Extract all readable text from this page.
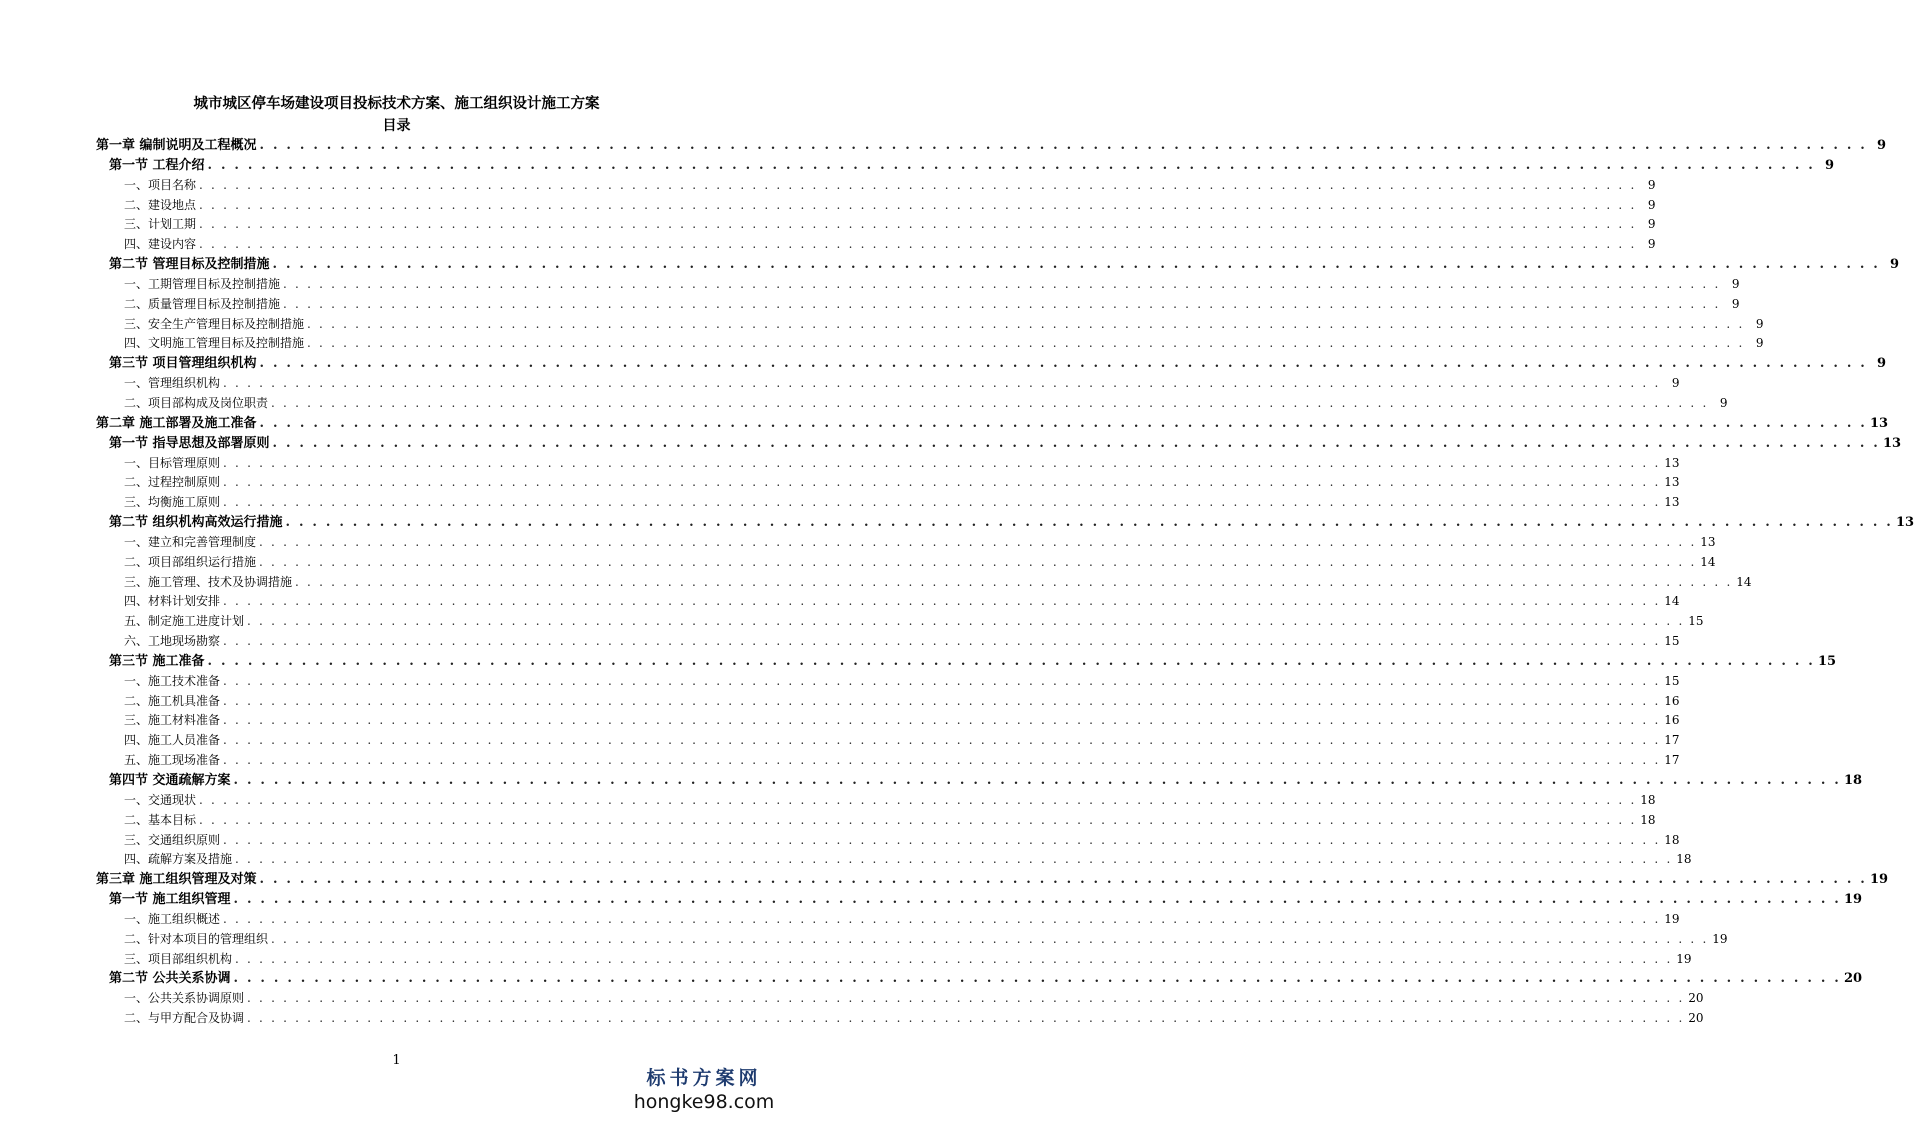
城市城区停车场建设项目投标技术方案、施工组织设计施工方案
目录
第一章 编制说明及工程概况 . . . . . . . . . . . . . . . . . . . . . . . . . . . . . . . . . . . . . . . . . . . . . . . . . . . . . . . . . . . . . . . . . . . . . . . . . . . . . . . . . . . . . . . . . . . . . . . . . . . . . . . . . . . . . . . . . . . . . . . . 9
第一节 工程介绍 . . . . . . . . . . . . . . . . . . . . . . . . . . . . . . . . . . . . . . . . . . . . . . . . . . . . . . . . . . . . . . . . . . . . . . . . . . . . . . . . . . . . . . . . . . . . . . . . . . . . . . . . . . . . . . . . . . . . . . . . 9
一、项目名称 . . . . . . . . . . . . . . . . . . . . . . . . . . . . . . . . . . . . . . . . . . . . . . . . . . . . . . . . . . . . . . . . . . . . . . . . . . . . . . . . . . . . . . . . . . . . . . . . . . . . . . . . . . . . . . . . . . . . . . . . 9
二、建设地点 . . . . . . . . . . . . . . . . . . . . . . . . . . . . . . . . . . . . . . . . . . . . . . . . . . . . . . . . . . . . . . . . . . . . . . . . . . . . . . . . . . . . . . . . . . . . . . . . . . . . . . . . . . . . . . . . . . . . . . . . 9
三、计划工期 . . . . . . . . . . . . . . . . . . . . . . . . . . . . . . . . . . . . . . . . . . . . . . . . . . . . . . . . . . . . . . . . . . . . . . . . . . . . . . . . . . . . . . . . . . . . . . . . . . . . . . . . . . . . . . . . . . . . . . . . 9
四、建设内容 . . . . . . . . . . . . . . . . . . . . . . . . . . . . . . . . . . . . . . . . . . . . . . . . . . . . . . . . . . . . . . . . . . . . . . . . . . . . . . . . . . . . . . . . . . . . . . . . . . . . . . . . . . . . . . . . . . . . . . . . 9
第二节 管理目标及控制措施 . . . . . . . . . . . . . . . . . . . . . . . . . . . . . . . . . . . . . . . . . . . . . . . . . . . . . . . . . . . . . . . . . . . . . . . . . . . . . . . . . . . . . . . . . . . . . . . . . . . . . . . . . . . . . . . . . . . . . . . . 9
一、工期管理目标及控制措施 . . . . . . . . . . . . . . . . . . . . . . . . . . . . . . . . . . . . . . . . . . . . . . . . . . . . . . . . . . . . . . . . . . . . . . . . . . . . . . . . . . . . . . . . . . . . . . . . . . . . . . . . . . . . . . . . . . . . . . . . 9
二、质量管理目标及控制措施 . . . . . . . . . . . . . . . . . . . . . . . . . . . . . . . . . . . . . . . . . . . . . . . . . . . . . . . . . . . . . . . . . . . . . . . . . . . . . . . . . . . . . . . . . . . . . . . . . . . . . . . . . . . . . . . . . . . . . . . . 9
三、安全生产管理目标及控制措施 . . . . . . . . . . . . . . . . . . . . . . . . . . . . . . . . . . . . . . . . . . . . . . . . . . . . . . . . . . . . . . . . . . . . . . . . . . . . . . . . . . . . . . . . . . . . . . . . . . . . . . . . . . . . . . . . . . . . . . . . 9
四、文明施工管理目标及控制措施 . . . . . . . . . . . . . . . . . . . . . . . . . . . . . . . . . . . . . . . . . . . . . . . . . . . . . . . . . . . . . . . . . . . . . . . . . . . . . . . . . . . . . . . . . . . . . . . . . . . . . . . . . . . . . . . . . . . . . . . . 9
第三节 项目管理组织机构 . . . . . . . . . . . . . . . . . . . . . . . . . . . . . . . . . . . . . . . . . . . . . . . . . . . . . . . . . . . . . . . . . . . . . . . . . . . . . . . . . . . . . . . . . . . . . . . . . . . . . . . . . . . . . . . . . . . . . . . . 9
一、管理组织机构 . . . . . . . . . . . . . . . . . . . . . . . . . . . . . . . . . . . . . . . . . . . . . . . . . . . . . . . . . . . . . . . . . . . . . . . . . . . . . . . . . . . . . . . . . . . . . . . . . . . . . . . . . . . . . . . . . . . . . . . . 9
二、项目部构成及岗位职责 . . . . . . . . . . . . . . . . . . . . . . . . . . . . . . . . . . . . . . . . . . . . . . . . . . . . . . . . . . . . . . . . . . . . . . . . . . . . . . . . . . . . . . . . . . . . . . . . . . . . . . . . . . . . . . . . . . . . . . . . 9
第二章 施工部署及施工准备 . . . . . . . . . . . . . . . . . . . . . . . . . . . . . . . . . . . . . . . . . . . . . . . . . . . . . . . . . . . . . . . . . . . . . . . . . . . . . . . . . . . . . . . . . . . . . . . . . . . . . . . . . . . . . . . . . . . . . . . . 13
第一节 指导思想及部署原则 . . . . . . . . . . . . . . . . . . . . . . . . . . . . . . . . . . . . . . . . . . . . . . . . . . . . . . . . . . . . . . . . . . . . . . . . . . . . . . . . . . . . . . . . . . . . . . . . . . . . . . . . . . . . . . . . . . . . . . . . 13
一、目标管理原则 . . . . . . . . . . . . . . . . . . . . . . . . . . . . . . . . . . . . . . . . . . . . . . . . . . . . . . . . . . . . . . . . . . . . . . . . . . . . . . . . . . . . . . . . . . . . . . . . . . . . . . . . . . . . . . . . . . . . . . . . 13
二、过程控制原则 . . . . . . . . . . . . . . . . . . . . . . . . . . . . . . . . . . . . . . . . . . . . . . . . . . . . . . . . . . . . . . . . . . . . . . . . . . . . . . . . . . . . . . . . . . . . . . . . . . . . . . . . . . . . . . . . . . . . . . . . 13
三、均衡施工原则 . . . . . . . . . . . . . . . . . . . . . . . . . . . . . . . . . . . . . . . . . . . . . . . . . . . . . . . . . . . . . . . . . . . . . . . . . . . . . . . . . . . . . . . . . . . . . . . . . . . . . . . . . . . . . . . . . . . . . . . . 13
第二节 组织机构高效运行措施 . . . . . . . . . . . . . . . . . . . . . . . . . . . . . . . . . . . . . . . . . . . . . . . . . . . . . . . . . . . . . . . . . . . . . . . . . . . . . . . . . . . . . . . . . . . . . . . . . . . . . . . . . . . . . . . . . . . . . . . . 13
一、建立和完善管理制度 . . . . . . . . . . . . . . . . . . . . . . . . . . . . . . . . . . . . . . . . . . . . . . . . . . . . . . . . . . . . . . . . . . . . . . . . . . . . . . . . . . . . . . . . . . . . . . . . . . . . . . . . . . . . . . . . . . . . . . . . 13
二、项目部组织运行措施 . . . . . . . . . . . . . . . . . . . . . . . . . . . . . . . . . . . . . . . . . . . . . . . . . . . . . . . . . . . . . . . . . . . . . . . . . . . . . . . . . . . . . . . . . . . . . . . . . . . . . . . . . . . . . . . . . . . . . . . . 14
三、施工管理、技术及协调措施 . . . . . . . . . . . . . . . . . . . . . . . . . . . . . . . . . . . . . . . . . . . . . . . . . . . . . . . . . . . . . . . . . . . . . . . . . . . . . . . . . . . . . . . . . . . . . . . . . . . . . . . . . . . . . . . . . . . . . . . . 14
四、材料计划安排 . . . . . . . . . . . . . . . . . . . . . . . . . . . . . . . . . . . . . . . . . . . . . . . . . . . . . . . . . . . . . . . . . . . . . . . . . . . . . . . . . . . . . . . . . . . . . . . . . . . . . . . . . . . . . . . . . . . . . . . . 14
五、制定施工进度计划 . . . . . . . . . . . . . . . . . . . . . . . . . . . . . . . . . . . . . . . . . . . . . . . . . . . . . . . . . . . . . . . . . . . . . . . . . . . . . . . . . . . . . . . . . . . . . . . . . . . . . . . . . . . . . . . . . . . . . . . . 15
六、工地现场勘察 . . . . . . . . . . . . . . . . . . . . . . . . . . . . . . . . . . . . . . . . . . . . . . . . . . . . . . . . . . . . . . . . . . . . . . . . . . . . . . . . . . . . . . . . . . . . . . . . . . . . . . . . . . . . . . . . . . . . . . . . 15
第三节 施工准备 . . . . . . . . . . . . . . . . . . . . . . . . . . . . . . . . . . . . . . . . . . . . . . . . . . . . . . . . . . . . . . . . . . . . . . . . . . . . . . . . . . . . . . . . . . . . . . . . . . . . . . . . . . . . . . . . . . . . . . . . 15
一、施工技术准备 . . . . . . . . . . . . . . . . . . . . . . . . . . . . . . . . . . . . . . . . . . . . . . . . . . . . . . . . . . . . . . . . . . . . . . . . . . . . . . . . . . . . . . . . . . . . . . . . . . . . . . . . . . . . . . . . . . . . . . . . 15
二、施工机具准备 . . . . . . . . . . . . . . . . . . . . . . . . . . . . . . . . . . . . . . . . . . . . . . . . . . . . . . . . . . . . . . . . . . . . . . . . . . . . . . . . . . . . . . . . . . . . . . . . . . . . . . . . . . . . . . . . . . . . . . . . 16
三、施工材料准备 . . . . . . . . . . . . . . . . . . . . . . . . . . . . . . . . . . . . . . . . . . . . . . . . . . . . . . . . . . . . . . . . . . . . . . . . . . . . . . . . . . . . . . . . . . . . . . . . . . . . . . . . . . . . . . . . . . . . . . . . 16
四、施工人员准备 . . . . . . . . . . . . . . . . . . . . . . . . . . . . . . . . . . . . . . . . . . . . . . . . . . . . . . . . . . . . . . . . . . . . . . . . . . . . . . . . . . . . . . . . . . . . . . . . . . . . . . . . . . . . . . . . . . . . . . . . 17
五、施工现场准备 . . . . . . . . . . . . . . . . . . . . . . . . . . . . . . . . . . . . . . . . . . . . . . . . . . . . . . . . . . . . . . . . . . . . . . . . . . . . . . . . . . . . . . . . . . . . . . . . . . . . . . . . . . . . . . . . . . . . . . . . 17
第四节 交通疏解方案 . . . . . . . . . . . . . . . . . . . . . . . . . . . . . . . . . . . . . . . . . . . . . . . . . . . . . . . . . . . . . . . . . . . . . . . . . . . . . . . . . . . . . . . . . . . . . . . . . . . . . . . . . . . . . . . . . . . . . . . . 18
一、交通现状 . . . . . . . . . . . . . . . . . . . . . . . . . . . . . . . . . . . . . . . . . . . . . . . . . . . . . . . . . . . . . . . . . . . . . . . . . . . . . . . . . . . . . . . . . . . . . . . . . . . . . . . . . . . . . . . . . . . . . . . . 18
二、基本目标 . . . . . . . . . . . . . . . . . . . . . . . . . . . . . . . . . . . . . . . . . . . . . . . . . . . . . . . . . . . . . . . . . . . . . . . . . . . . . . . . . . . . . . . . . . . . . . . . . . . . . . . . . . . . . . . . . . . . . . . . 18
三、交通组织原则 . . . . . . . . . . . . . . . . . . . . . . . . . . . . . . . . . . . . . . . . . . . . . . . . . . . . . . . . . . . . . . . . . . . . . . . . . . . . . . . . . . . . . . . . . . . . . . . . . . . . . . . . . . . . . . . . . . . . . . . . 18
四、疏解方案及措施 . . . . . . . . . . . . . . . . . . . . . . . . . . . . . . . . . . . . . . . . . . . . . . . . . . . . . . . . . . . . . . . . . . . . . . . . . . . . . . . . . . . . . . . . . . . . . . . . . . . . . . . . . . . . . . . . . . . . . . . . 18
第三章 施工组织管理及对策 . . . . . . . . . . . . . . . . . . . . . . . . . . . . . . . . . . . . . . . . . . . . . . . . . . . . . . . . . . . . . . . . . . . . . . . . . . . . . . . . . . . . . . . . . . . . . . . . . . . . . . . . . . . . . . . . . . . . . . . . 19
第一节 施工组织管理 . . . . . . . . . . . . . . . . . . . . . . . . . . . . . . . . . . . . . . . . . . . . . . . . . . . . . . . . . . . . . . . . . . . . . . . . . . . . . . . . . . . . . . . . . . . . . . . . . . . . . . . . . . . . . . . . . . . . . . . . 19
一、施工组织概述 . . . . . . . . . . . . . . . . . . . . . . . . . . . . . . . . . . . . . . . . . . . . . . . . . . . . . . . . . . . . . . . . . . . . . . . . . . . . . . . . . . . . . . . . . . . . . . . . . . . . . . . . . . . . . . . . . . . . . . . . 19
二、针对本项目的管理组织 . . . . . . . . . . . . . . . . . . . . . . . . . . . . . . . . . . . . . . . . . . . . . . . . . . . . . . . . . . . . . . . . . . . . . . . . . . . . . . . . . . . . . . . . . . . . . . . . . . . . . . . . . . . . . . . . . . . . . . . . 19
三、项目部组织机构 . . . . . . . . . . . . . . . . . . . . . . . . . . . . . . . . . . . . . . . . . . . . . . . . . . . . . . . . . . . . . . . . . . . . . . . . . . . . . . . . . . . . . . . . . . . . . . . . . . . . . . . . . . . . . . . . . . . . . . . . 19
第二节 公共关系协调 . . . . . . . . . . . . . . . . . . . . . . . . . . . . . . . . . . . . . . . . . . . . . . . . . . . . . . . . . . . . . . . . . . . . . . . . . . . . . . . . . . . . . . . . . . . . . . . . . . . . . . . . . . . . . . . . . . . . . . . . 20
一、公共关系协调原则 . . . . . . . . . . . . . . . . . . . . . . . . . . . . . . . . . . . . . . . . . . . . . . . . . . . . . . . . . . . . . . . . . . . . . . . . . . . . . . . . . . . . . . . . . . . . . . . . . . . . . . . . . . . . . . . . . . . . . . . . 20
二、与甲方配合及协调 . . . . . . . . . . . . . . . . . . . . . . . . . . . . . . . . . . . . . . . . . . . . . . . . . . . . . . . . . . . . . . . . . . . . . . . . . . . . . . . . . . . . . . . . . . . . . . . . . . . . . . . . . . . . . . . . . . . . . . . . 20
1
标书方案网
hongke98.com
